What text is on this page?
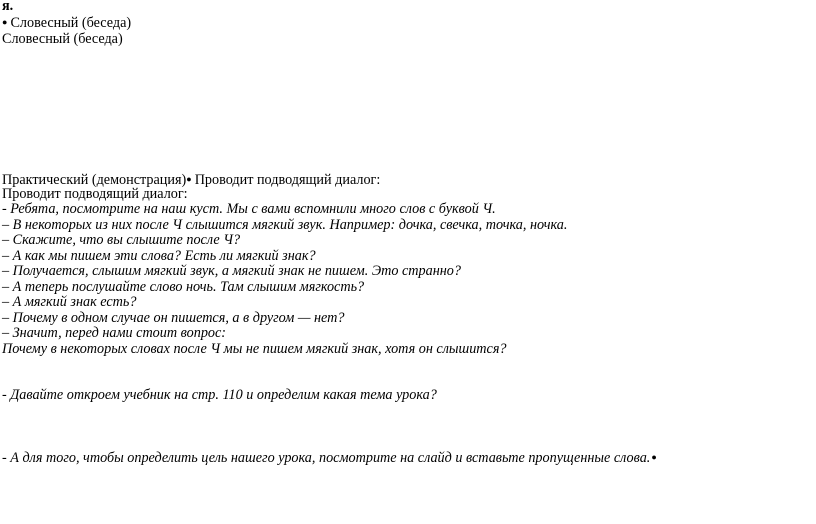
я.
● Словесный (беседа)
Словесный (беседа)
Практический (демонстрация)● Проводит подводящий диалог:
Проводит подводящий диалог:
- Ребята, посмотрите на наш куст. Мы с вами вспомнили много слов с буквой Ч.
– В некоторых из них после Ч слышится мягкий звук. Например: дочка, свечка, точка, ночка.
– Скажите, что вы слышите после Ч?
– А как мы пишем эти слова? Есть ли мягкий знак?
– Получается, слышим мягкий звук, а мягкий знак не пишем. Это странно?
– А теперь послушайте слово ночь. Там слышим мягкость?
– А мягкий знак есть?
– Почему в одном случае он пишется, а в другом — нет?
– Значит, перед нами стоит вопрос:
Почему в некоторых словах после Ч мы не пишем мягкий знак, хотя он слышится?
- Давайте откроем учебник на стр. 110 и определим какая тема урока?
- А для того, чтобы определить цель нашего урока, посмотрите на слайд и вставьте пропущенные слова.●
